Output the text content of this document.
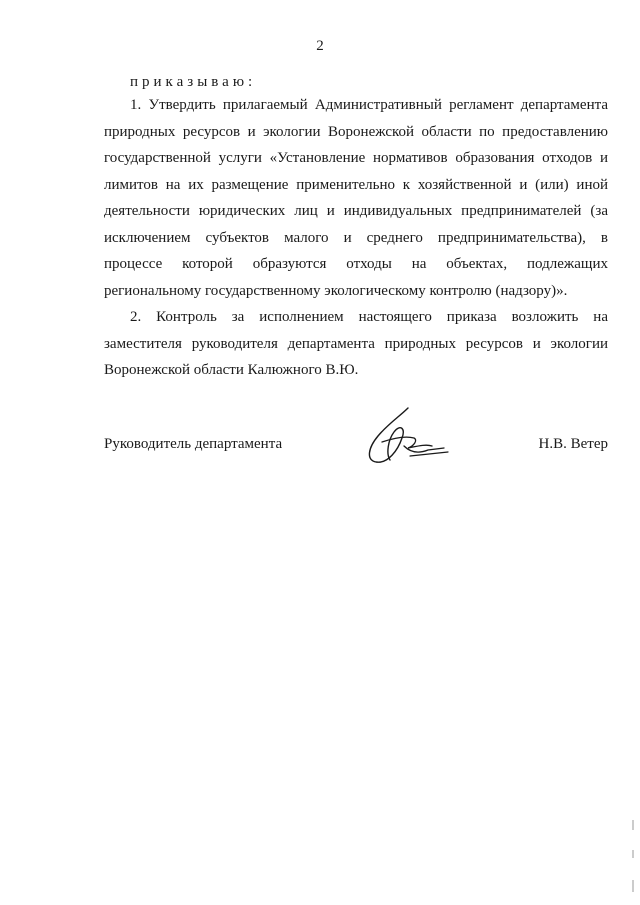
2
приказываю:

1. Утвердить прилагаемый Административный регламент департамента
природных ресурсов и экологии Воронежской области по предоставлению
государственной услуги «Установление нормативов образования отходов и
лимитов на их размещение применительно к хозяйственной и (или) иной
деятельности юридических лиц и индивидуальных предпринимателей (за
исключением субъектов малого и среднего предпринимательства), в
процессе которой образуются отходы на объектах, подлежащих
региональному государственному экологическому контролю (надзору)».

2. Контроль за исполнением настоящего приказа возложить на
заместителя руководителя департамента природных ресурсов и экологии
Воронежской области Калюжного В.Ю.

Руководитель департамента	Н.В. Ветер
